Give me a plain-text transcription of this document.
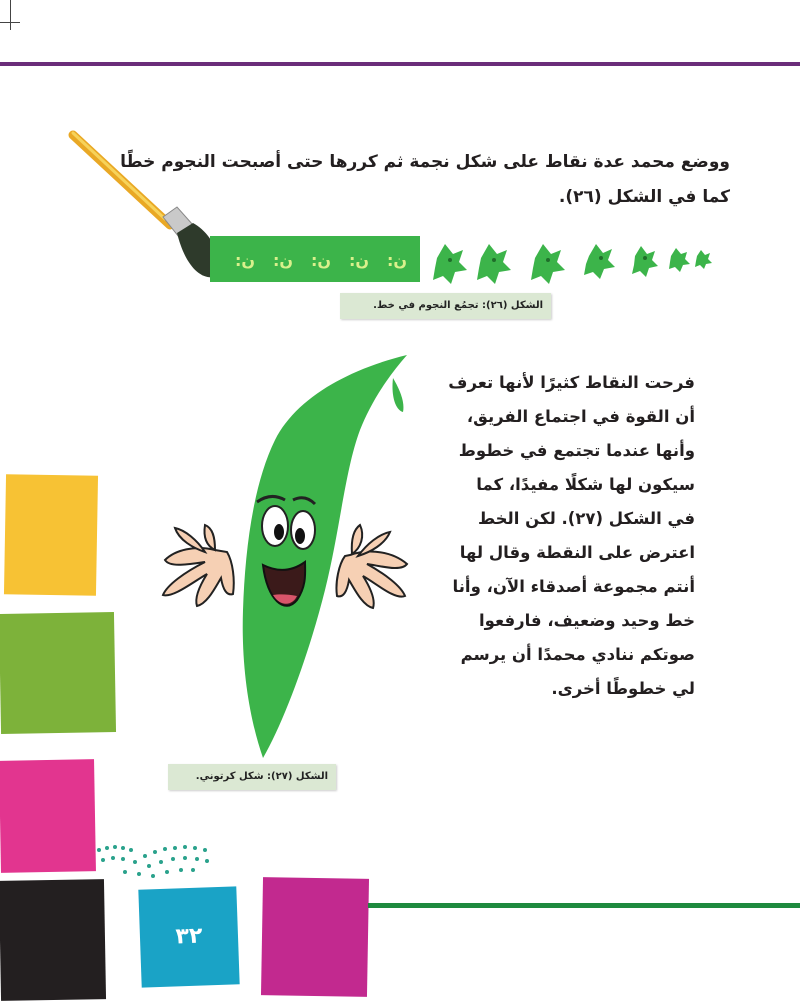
ووضع محمد عدة نقاط على شكل نجمة ثم كررها حتى أصبحت النجوم خطًا
كما في الشكل (٢٦).
:ن :ن :ن :ن :ن
الشكل (٢٦): تجمُع النجوم في خط.
فرحت النقاط كثيرًا لأنها تعرف
أن القوة في اجتماع الفريق،
وأنها عندما تجتمع في خطوط
سيكون لها شكلًا مفيدًا، كما
في الشكل (٢٧). لكن الخط
اعترض على النقطة وقال لها
أنتم مجموعة أصدقاء الآن، وأنا
خط وحيد وضعيف، فارفعوا
صوتكم ننادي محمدًا أن يرسم
لي خطوطًا أخرى.
الشكل (٢٧): شكل كرتوني.
٣٢
